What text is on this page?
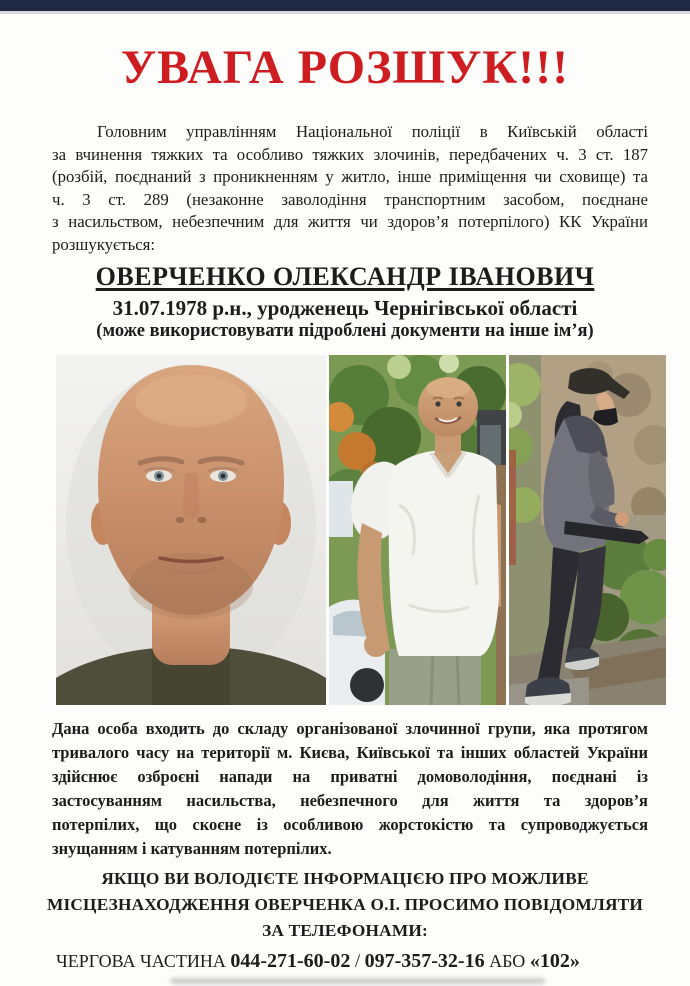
УВАГА РОЗШУК!!!
Головним управлінням Національної поліції в Київській області
за вчинення тяжких та особливо тяжких злочинів, передбачених ч. 3 ст. 187
(розбій, поєднаний з проникненням у житло, інше приміщення чи сховище) та
ч. 3 ст. 289 (незаконне заволодіння транспортним засобом, поєднане
з насильством, небезпечним для життя чи здоров’я потерпілого) КК України
розшукується:
ОВЕРЧЕНКО ОЛЕКСАНДР ІВАНОВИЧ
31.07.1978 р.н., уродженець Чернігівської області
(може використовувати підроблені документи на інше ім’я)
Дана особа входить до складу організованої злочинної групи, яка протягом
тривалого часу на території м. Києва, Київської та інших областей України
здійснює озброєні напади на приватні домоволодіння, поєднані із
застосуванням насильства, небезпечного для життя та здоров’я
потерпілих, що скоєне із особливою жорстокістю та супроводжується
знущанням і катуванням потерпілих.
ЯКЩО ВИ ВОЛОДІЄТЕ ІНФОРМАЦІЄЮ ПРО МОЖЛИВЕ
МІСЦЕЗНАХОДЖЕННЯ ОВЕРЧЕНКА О.І. ПРОСИМО ПОВІДОМЛЯТИ
ЗА ТЕЛЕФОНАМИ:
ЧЕРГОВА ЧАСТИНА 044-271-60-02 / 097-357-32-16 АБО «102»
